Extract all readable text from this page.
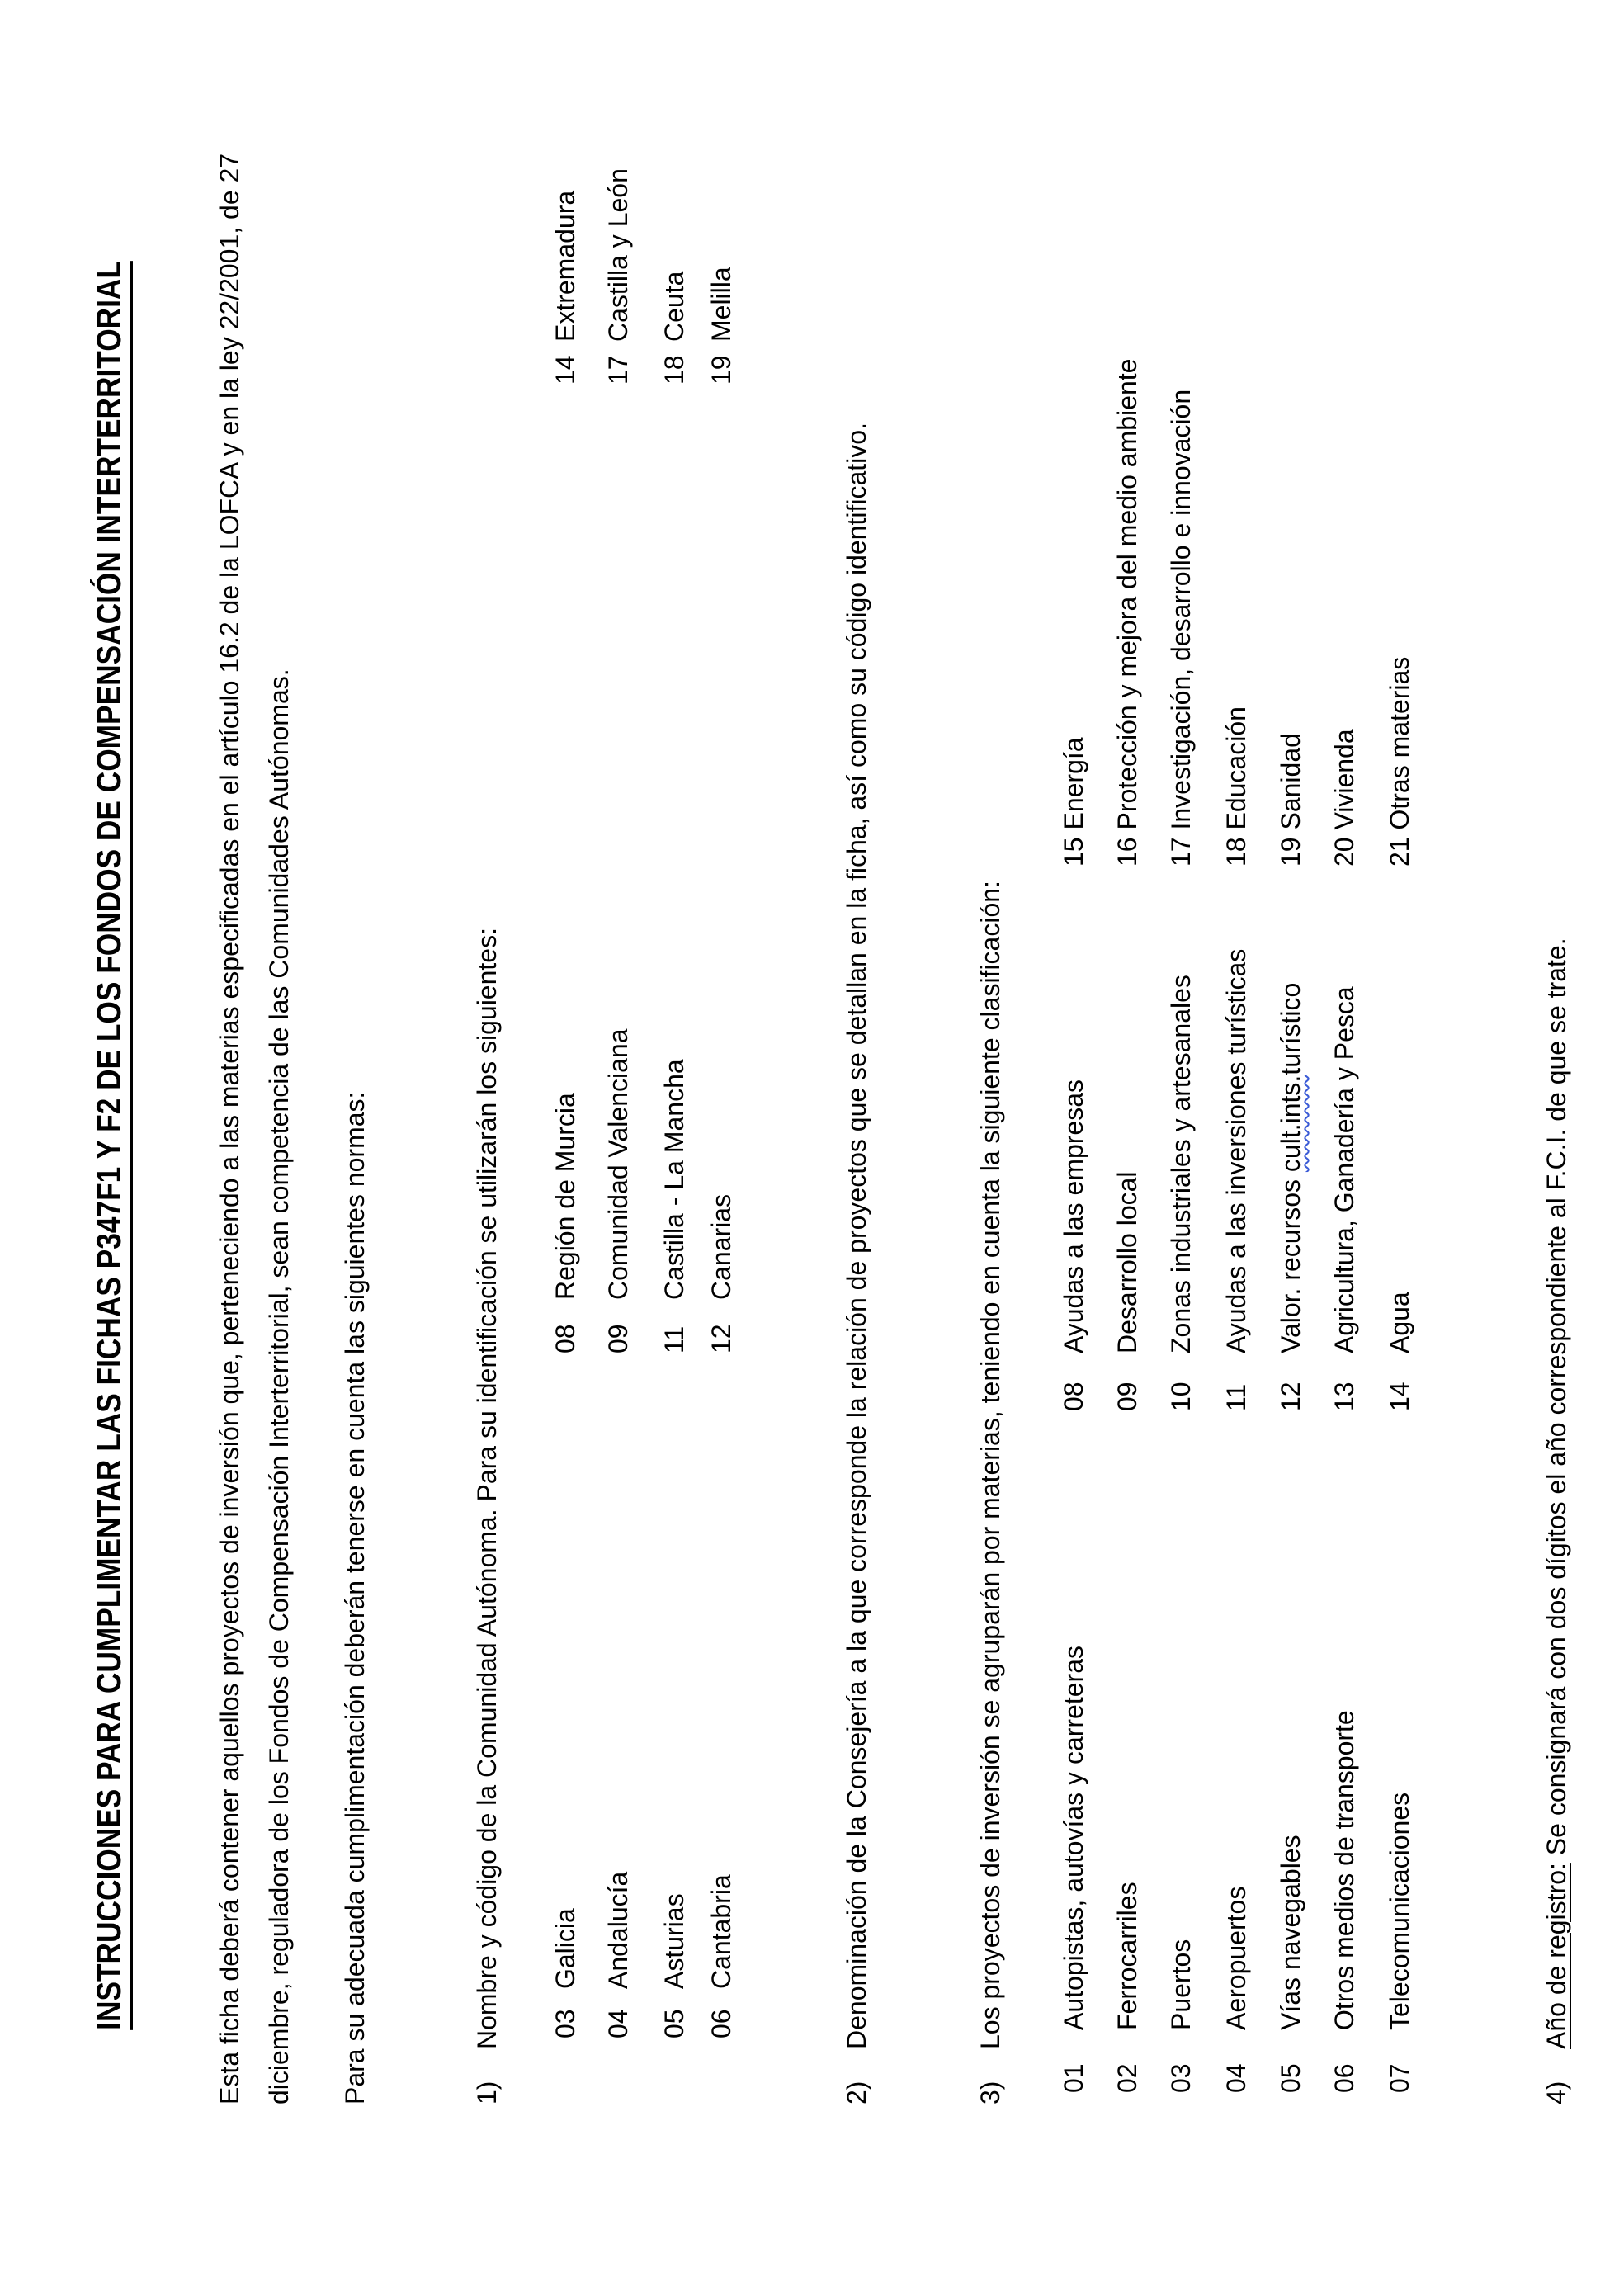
INSTRUCCIONES PARA CUMPLIMENTAR LAS FICHAS P347F1 Y F2 DE LOS FONDOS DE COMPENSACIÓN INTERTERRITORIAL	Esta ficha deberá contener aquellos proyectos de inversión que, perteneciendo a las materias especificadas en el artículo 16.2 de la LOFCA y en la ley 22/2001, de 27 diciembre, reguladora de los Fondos de Compensación Interterritorial, sean competencia de las Comunidades Autónomas. Para su adecuada cumplimentación deberán tenerse en cuenta las siguientes normas:	1)
Nombre y código de la Comunidad Autónoma. Para su identificación se utilizarán los siguientes: 03
Galicia
08
Región de Murcia
14
Extremadura
04
Andalucía
09
Comunidad Valenciana
17
Castilla y León
05
Asturias
11
Castilla - La Mancha
18
Ceuta
06
Cantabria
12
Canarias
19
Melilla
2)
Denominación de la Consejería a la que corresponde la relación de proyectos que se detallan en la ficha, así como su código identificativo.
3)
Los proyectos de inversión se agruparán por materias, teniendo en cuenta la siguiente clasificación:
01
Autopistas, autovías y carreteras
08
Ayudas a las empresas
15 Energía
02
Ferrocarriles
09
Desarrollo local
16 Protección y mejora del medio ambiente
03
Puertos
10
Zonas industriales y artesanales
17 Investigación, desarrollo e innovación
04
Aeropuertos
11
Ayudas a las inversiones turísticas
18 Educación
05
Vías navegables
12
Valor. recursos cult.ints.turístico
19 Sanidad
06
Otros medios de transporte
13
Agricultura, Ganadería y Pesca
20 Vivienda
07
Telecomunicaciones
14
Agua
21 Otras materias
4)
Año de registro: Se consignará con dos dígitos el año correspondiente al F.C.I. de que se trate.
